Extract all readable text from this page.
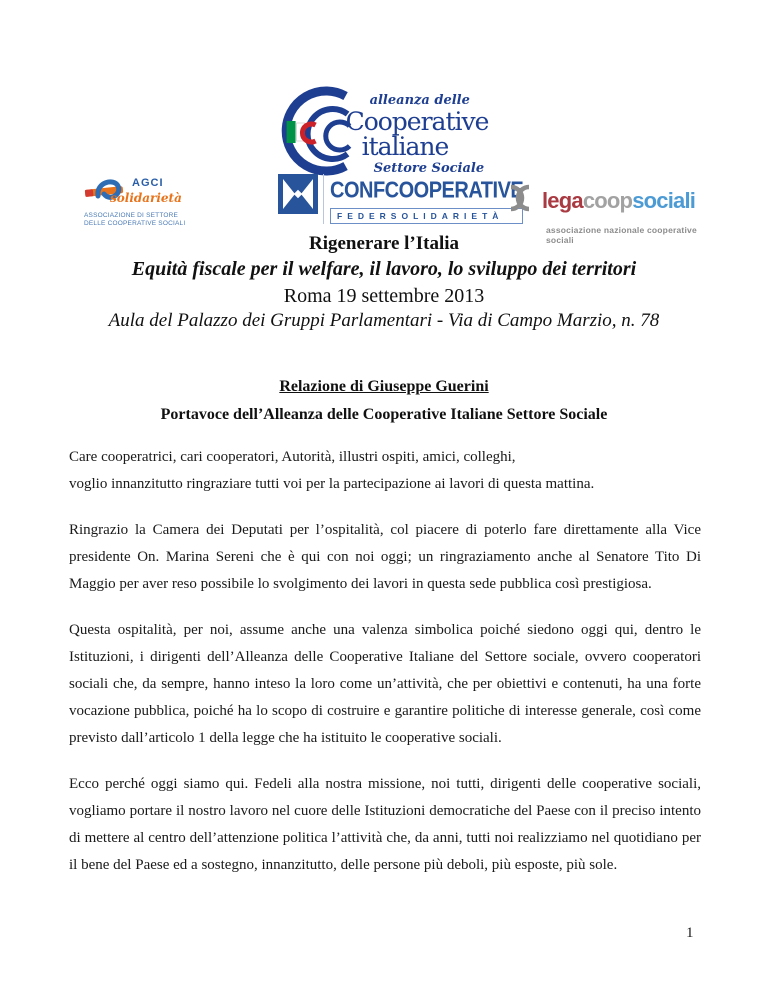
alleanza delle
Cooperative
italiane
Settore Sociale
AGCI
solidarietà
ASSOCIAZIONE DI SETTORE
DELLE COOPERATIVE SOCIALI
CONFCOOPERATIVE
FEDERSOLIDARIETÀ
legacoopsociali
associazione nazionale cooperative sociali
Rigenerare l’Italia
Equità fiscale per il welfare, il lavoro, lo sviluppo dei territori
Roma 19 settembre 2013
Aula del Palazzo dei Gruppi Parlamentari - Via di Campo Marzio, n. 78
Relazione di Giuseppe Guerini
Portavoce dell’Alleanza delle Cooperative Italiane Settore Sociale

Care cooperatrici, cari cooperatori, Autorità, illustri ospiti, amici, colleghi,
voglio innanzitutto ringraziare tutti voi per la partecipazione ai lavori di questa mattina.

Ringrazio la Camera dei Deputati per l’ospitalità, col piacere di poterlo fare direttamente alla Vice presidente On. Marina Sereni che è qui con noi oggi; un ringraziamento anche al Senatore Tito Di Maggio per aver reso possibile lo svolgimento dei lavori in questa sede pubblica così prestigiosa.

Questa ospitalità, per noi, assume anche una valenza simbolica poiché siedono oggi qui, dentro le Istituzioni, i dirigenti dell’Alleanza delle Cooperative Italiane del Settore sociale, ovvero cooperatori sociali che, da sempre, hanno inteso la loro come un’attività, che per obiettivi e contenuti, ha una forte vocazione pubblica, poiché ha lo scopo di costruire e garantire politiche di interesse generale, così come previsto dall’articolo 1 della legge che ha istituito le cooperative sociali.

Ecco perché oggi siamo qui. Fedeli alla nostra missione, noi tutti, dirigenti delle cooperative sociali, vogliamo portare il nostro lavoro nel cuore delle Istituzioni democratiche del Paese con il preciso intento di mettere al centro dell’attenzione politica l’attività che, da anni, tutti noi realizziamo nel quotidiano per il bene del Paese ed a sostegno, innanzitutto, delle persone più deboli, più esposte, più sole.

1
